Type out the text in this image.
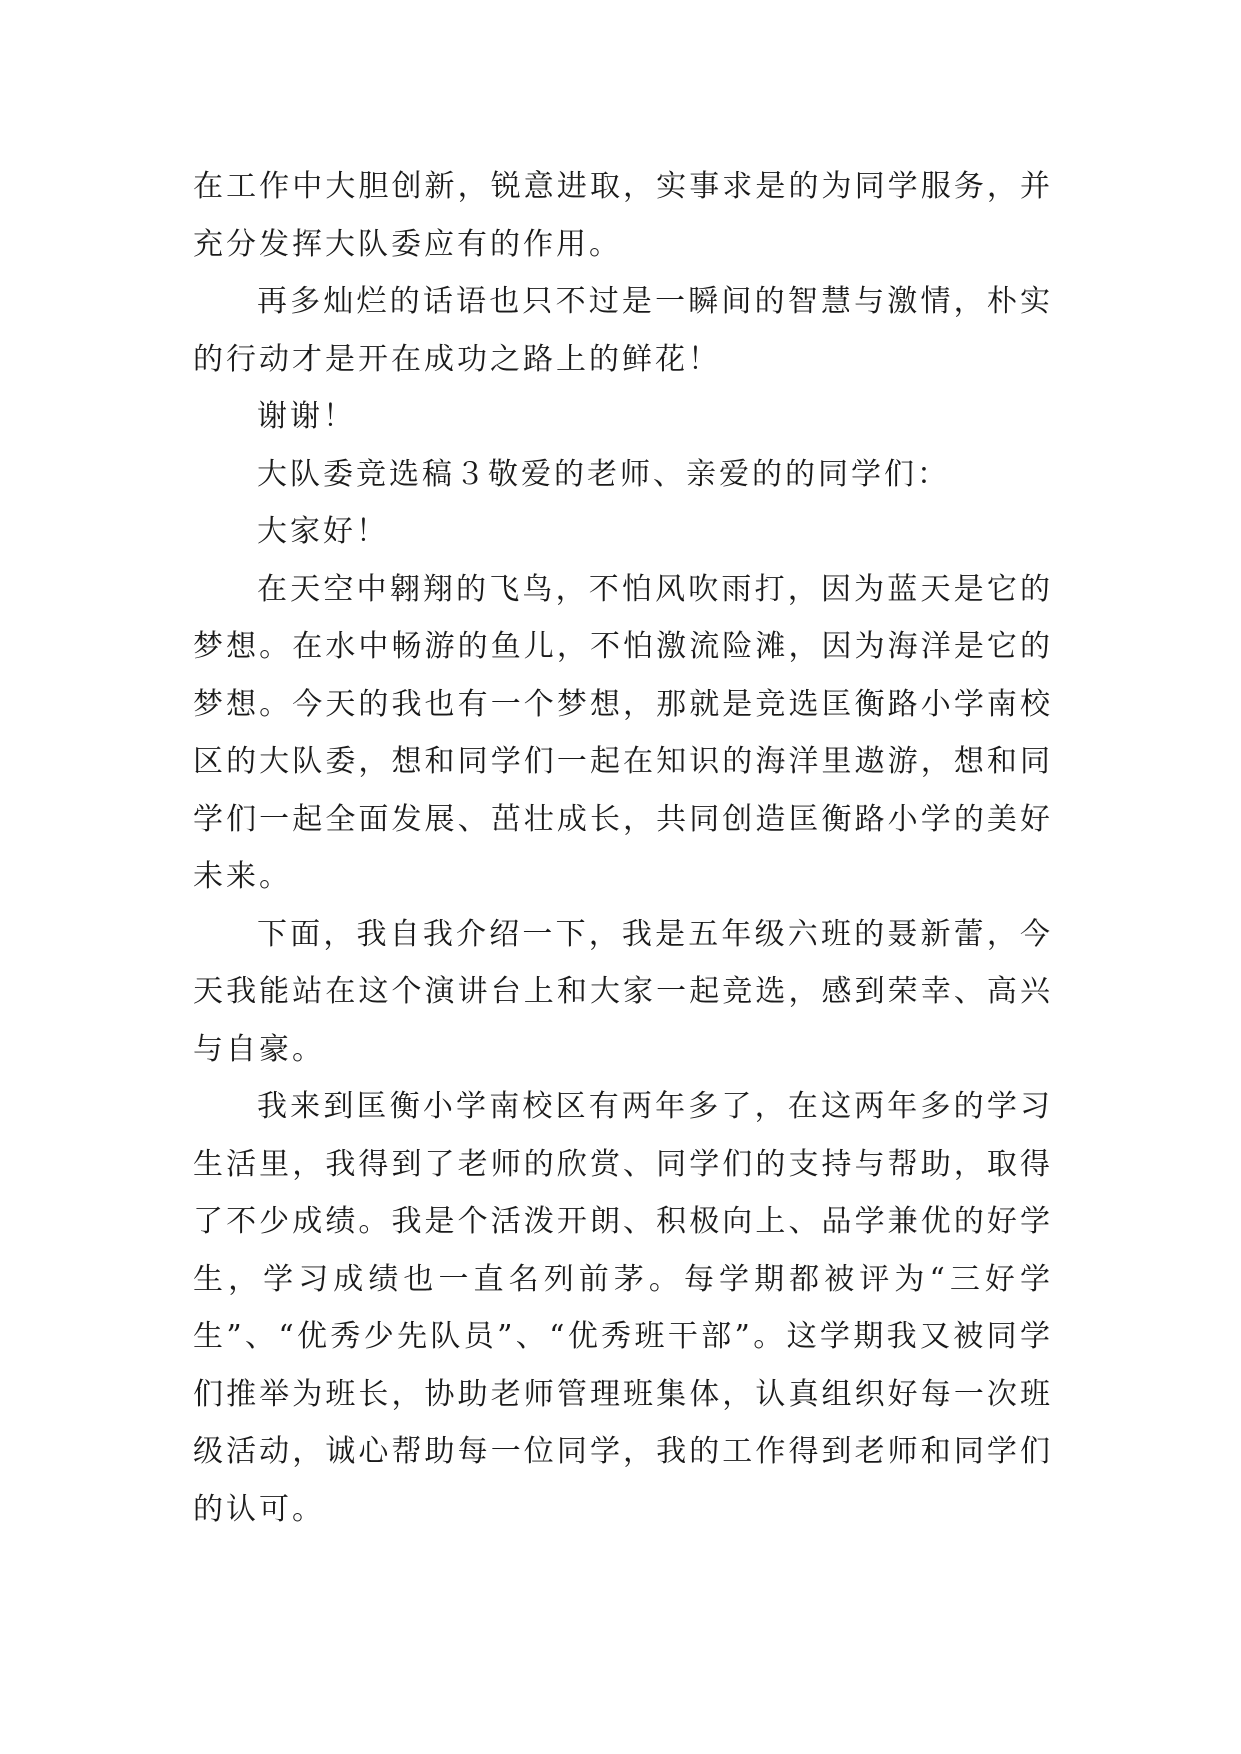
在工作中大胆创新，锐意进取，实事求是的为同学服务，并充分发挥大队委应有的作用。

再多灿烂的话语也只不过是一瞬间的智慧与激情，朴实的行动才是开在成功之路上的鲜花！

谢谢！

大队委竞选稿３敬爱的老师、亲爱的的同学们：

大家好！

在天空中翱翔的飞鸟，不怕风吹雨打，因为蓝天是它的梦想。在水中畅游的鱼儿，不怕激流险滩，因为海洋是它的梦想。今天的我也有一个梦想，那就是竞选匡衡路小学南校区的大队委，想和同学们一起在知识的海洋里遨游，想和同学们一起全面发展、茁壮成长，共同创造匡衡路小学的美好未来。

下面，我自我介绍一下，我是五年级六班的聂新蕾，今天我能站在这个演讲台上和大家一起竞选，感到荣幸、高兴与自豪。

我来到匡衡小学南校区有两年多了，在这两年多的学习生活里，我得到了老师的欣赏、同学们的支持与帮助，取得了不少成绩。我是个活泼开朗、积极向上、品学兼优的好学生，学习成绩也一直名列前茅。每学期都被评为“三好学生”、“优秀少先队员”、“优秀班干部”。这学期我又被同学们推举为班长，协助老师管理班集体，认真组织好每一次班级活动，诚心帮助每一位同学，我的工作得到老师和同学们的认可。
